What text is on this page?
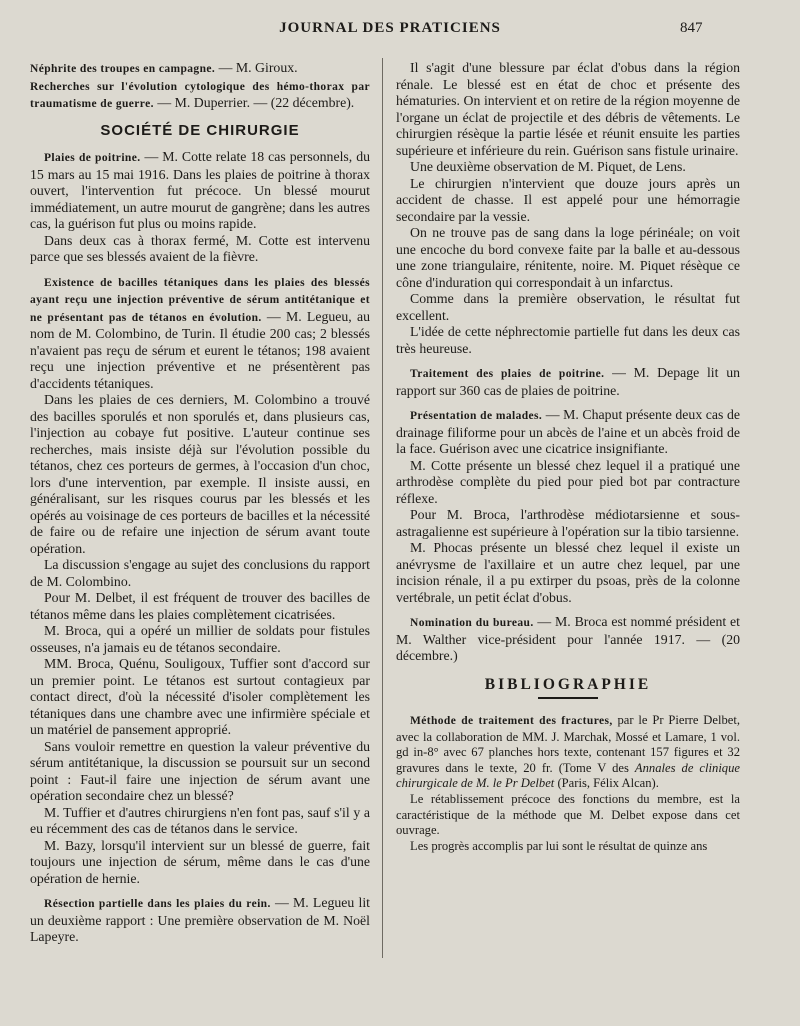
JOURNAL DES PRATICIENS	847

Néphrite des troupes en campagne. — M. Giroux.

Recherches sur l'évolution cytologique des hémo-thorax par traumatisme de guerre. — M. Duperrier. — (22 décembre).

SOCIÉTÉ DE CHIRURGIE

Plaies de poitrine. — M. Cotte relate 18 cas personnels, du 15 mars au 15 mai 1916. Dans les plaies de poitrine à thorax ouvert, l'intervention fut précoce. Un blessé mourut immédiatement, un autre mourut de gangrène; dans les autres cas, la guérison fut plus ou moins rapide.

Dans deux cas à thorax fermé, M. Cotte est intervenu parce que ses blessés avaient de la fièvre.

Existence de bacilles tétaniques dans les plaies des blessés ayant reçu une injection préventive de sérum antitétanique et ne présentant pas de tétanos en évolution. — M. Legueu, au nom de M. Colombino, de Turin. Il étudie 200 cas; 2 blessés n'avaient pas reçu de sérum et eurent le tétanos; 198 avaient reçu une injection préventive et ne présentèrent pas d'accidents tétaniques.

Dans les plaies de ces derniers, M. Colombino a trouvé des bacilles sporulés et non sporulés et, dans plusieurs cas, l'injection au cobaye fut positive. L'auteur continue ses recherches, mais insiste déjà sur l'évolution possible du tétanos, chez ces porteurs de germes, à l'occasion d'un choc, lors d'une intervention, par exemple. Il insiste aussi, en généralisant, sur les risques courus par les blessés et les opérés au voisinage de ces porteurs de bacilles et la nécessité de faire ou de refaire une injection de sérum avant toute opération.

La discussion s'engage au sujet des conclusions du rapport de M. Colombino.

Pour M. Delbet, il est fréquent de trouver des bacilles de tétanos même dans les plaies complètement cicatrisées.

M. Broca, qui a opéré un millier de soldats pour fistules osseuses, n'a jamais eu de tétanos secondaire.

MM. Broca, Quénu, Souligoux, Tuffier sont d'accord sur un premier point. Le tétanos est surtout contagieux par contact direct, d'où la nécessité d'isoler complètement les tétaniques dans une chambre avec une infirmière spéciale et un matériel de pansement approprié.

Sans vouloir remettre en question la valeur préventive du sérum antitétanique, la discussion se poursuit sur un second point : Faut-il faire une injection de sérum avant une opération secondaire chez un blessé?

M. Tuffier et d'autres chirurgiens n'en font pas, sauf s'il y a eu récemment des cas de tétanos dans le service.

M. Bazy, lorsqu'il intervient sur un blessé de guerre, fait toujours une injection de sérum, même dans le cas d'une opération de hernie.

Résection partielle dans les plaies du rein. — M. Legueu lit un deuxième rapport : Une première observation de M. Noël Lapeyre.

Il s'agit d'une blessure par éclat d'obus dans la région rénale. Le blessé est en état de choc et présente des hématuries. On intervient et on retire de la région moyenne de l'organe un éclat de projectile et des débris de vêtements. Le chirurgien résèque la partie lésée et réunit ensuite les parties supérieure et inférieure du rein. Guérison sans fistule urinaire.

Une deuxième observation de M. Piquet, de Lens.

Le chirurgien n'intervient que douze jours après un accident de chasse. Il est appelé pour une hémorragie secondaire par la vessie.

On ne trouve pas de sang dans la loge périnéale; on voit une encoche du bord convexe faite par la balle et au-dessous une zone triangulaire, rénitente, noire. M. Piquet résèque ce cône d'induration qui correspondait à un infarctus.

Comme dans la première observation, le résultat fut excellent.

L'idée de cette néphrectomie partielle fut dans les deux cas très heureuse.

Traitement des plaies de poitrine. — M. Depage lit un rapport sur 360 cas de plaies de poitrine.

Présentation de malades. — M. Chaput présente deux cas de drainage filiforme pour un abcès de l'aine et un abcès froid de la face. Guérison avec une cicatrice insignifiante.

M. Cotte présente un blessé chez lequel il a pratiqué une arthrodèse complète du pied pour pied bot par contracture réflexe.

Pour M. Broca, l'arthrodèse médiotarsienne et sous-astragalienne est supérieure à l'opération sur la tibio tarsienne.

M. Phocas présente un blessé chez lequel il existe un anévrysme de l'axillaire et un autre chez lequel, par une incision rénale, il a pu extirper du psoas, près de la colonne vertébrale, un petit éclat d'obus.

Nomination du bureau. — M. Broca est nommé président et M. Walther vice-président pour l'année 1917. — (20 décembre.)

BIBLIOGRAPHIE

Méthode de traitement des fractures, par le Pr Pierre Delbet, avec la collaboration de MM. J. Marchak, Mossé et Lamare, 1 vol. gd in-8° avec 67 planches hors texte, contenant 157 figures et 32 gravures dans le texte, 20 fr. (Tome V des Annales de clinique chirurgicale de M. le Pr Delbet (Paris, Félix Alcan).

Le rétablissement précoce des fonctions du membre, est la caractéristique de la méthode que M. Delbet expose dans cet ouvrage.

Les progrès accomplis par lui sont le résultat de quinze ans
